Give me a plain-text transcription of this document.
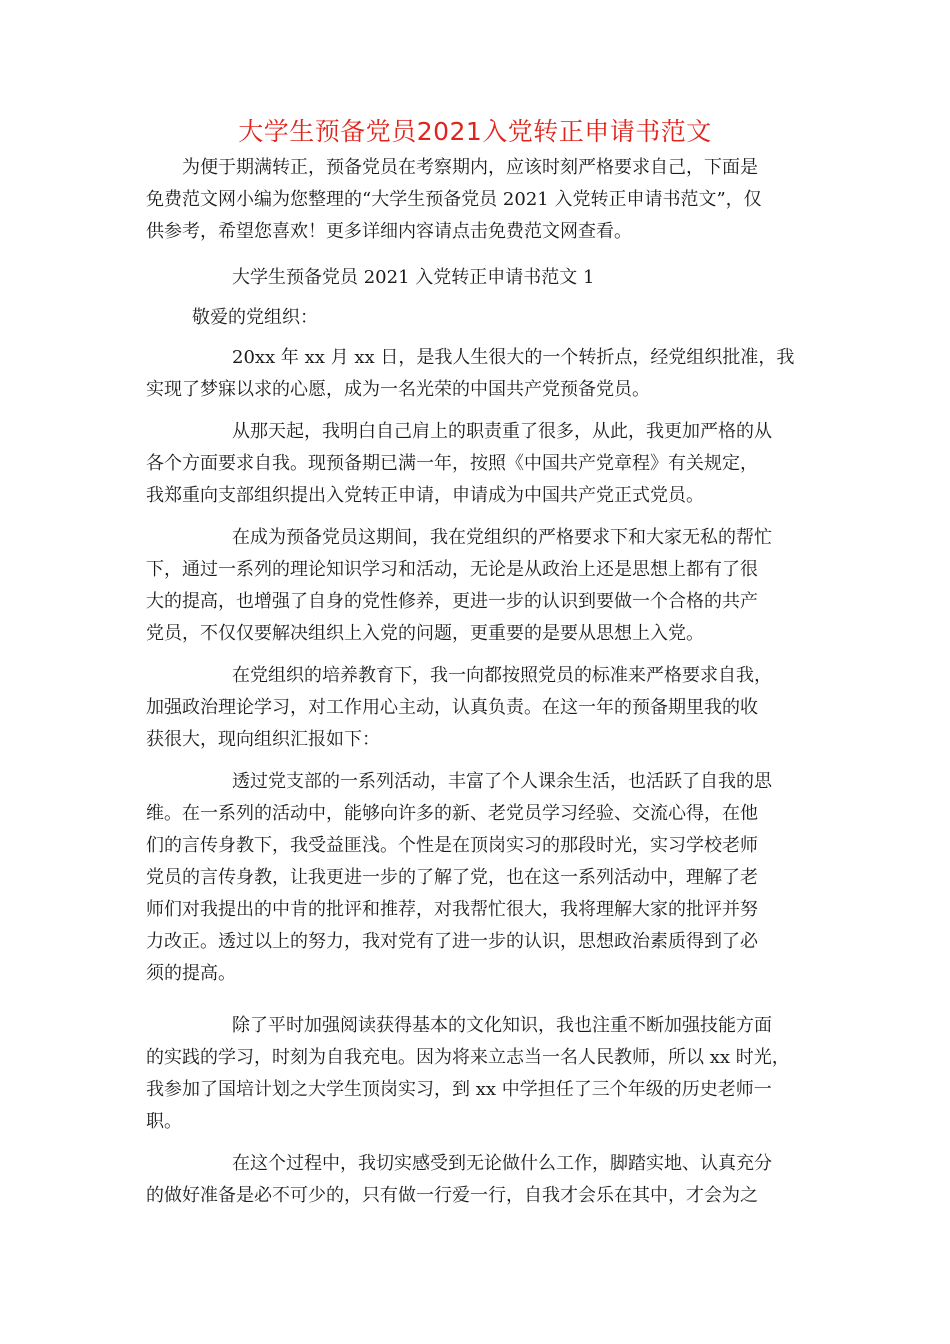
大学生预备党员2021入党转正申请书范文
为便于期满转正，预备党员在考察期内，应该时刻严格要求自己，下面是
免费范文网小编为您整理的“大学生预备党员 2021 入党转正申请书范文”，仅
供参考，希望您喜欢！更多详细内容请点击免费范文网查看。
大学生预备党员 2021 入党转正申请书范文 1
敬爱的党组织：
20xx 年 xx 月 xx 日，是我人生很大的一个转折点，经党组织批准，我
实现了梦寐以求的心愿，成为一名光荣的中国共产党预备党员。
从那天起，我明白自己肩上的职责重了很多，从此，我更加严格的从
各个方面要求自我。现预备期已满一年，按照《中国共产党章程》有关规定，
我郑重向支部组织提出入党转正申请，申请成为中国共产党正式党员。
在成为预备党员这期间，我在党组织的严格要求下和大家无私的帮忙
下，通过一系列的理论知识学习和活动，无论是从政治上还是思想上都有了很
大的提高，也增强了自身的党性修养，更进一步的认识到要做一个合格的共产
党员，不仅仅要解决组织上入党的问题，更重要的是要从思想上入党。
在党组织的培养教育下，我一向都按照党员的标准来严格要求自我，
加强政治理论学习，对工作用心主动，认真负责。在这一年的预备期里我的收
获很大，现向组织汇报如下：
透过党支部的一系列活动，丰富了个人课余生活，也活跃了自我的思
维。在一系列的活动中，能够向许多的新、老党员学习经验、交流心得，在他
们的言传身教下，我受益匪浅。个性是在顶岗实习的那段时光，实习学校老师
党员的言传身教，让我更进一步的了解了党，也在这一系列活动中，理解了老
师们对我提出的中肯的批评和推荐，对我帮忙很大，我将理解大家的批评并努
力改正。透过以上的努力，我对党有了进一步的认识，思想政治素质得到了必
须的提高。
除了平时加强阅读获得基本的文化知识，我也注重不断加强技能方面
的实践的学习，时刻为自我充电。因为将来立志当一名人民教师，所以 xx 时光，
我参加了国培计划之大学生顶岗实习，到 xx 中学担任了三个年级的历史老师一
职。
在这个过程中，我切实感受到无论做什么工作，脚踏实地、认真充分
的做好准备是必不可少的，只有做一行爱一行，自我才会乐在其中，才会为之
